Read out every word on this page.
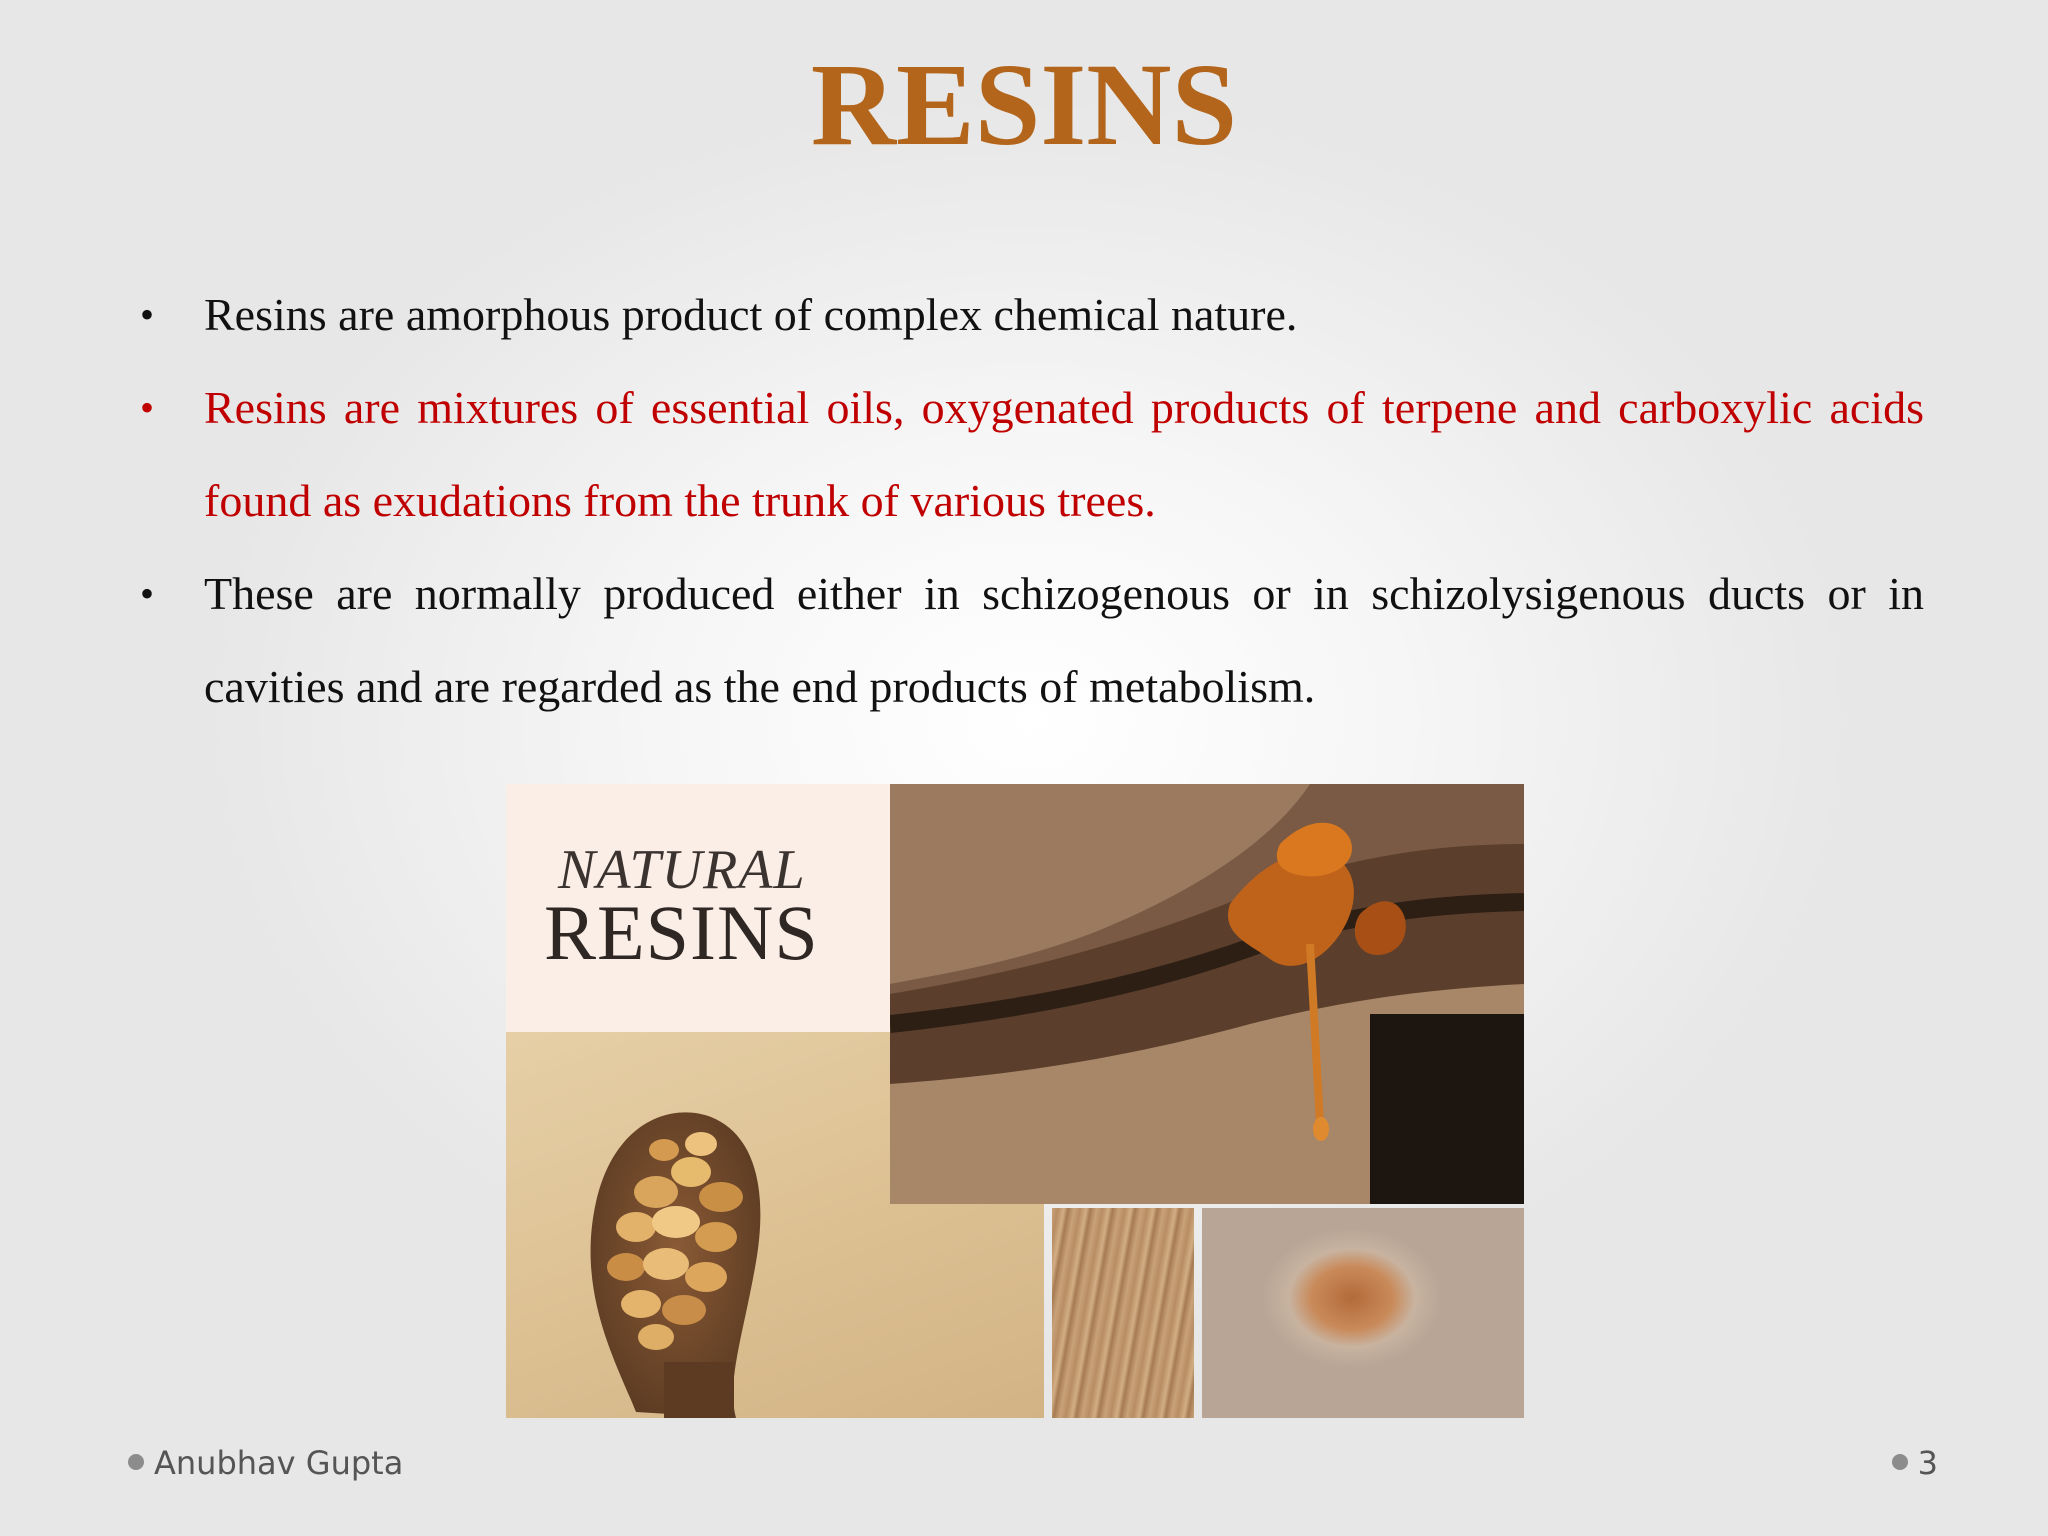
RESINS
• Resins are amorphous product of complex chemical nature.
• Resins are mixtures of essential oils, oxygenated products of terpene and carboxylic acids found as exudations from the trunk of various trees.
• These are normally produced either in schizogenous or in schizolysigenous ducts or in cavities and are regarded as the end products of metabolism.
NATURAL
RESINS
Anubhav Gupta	3
